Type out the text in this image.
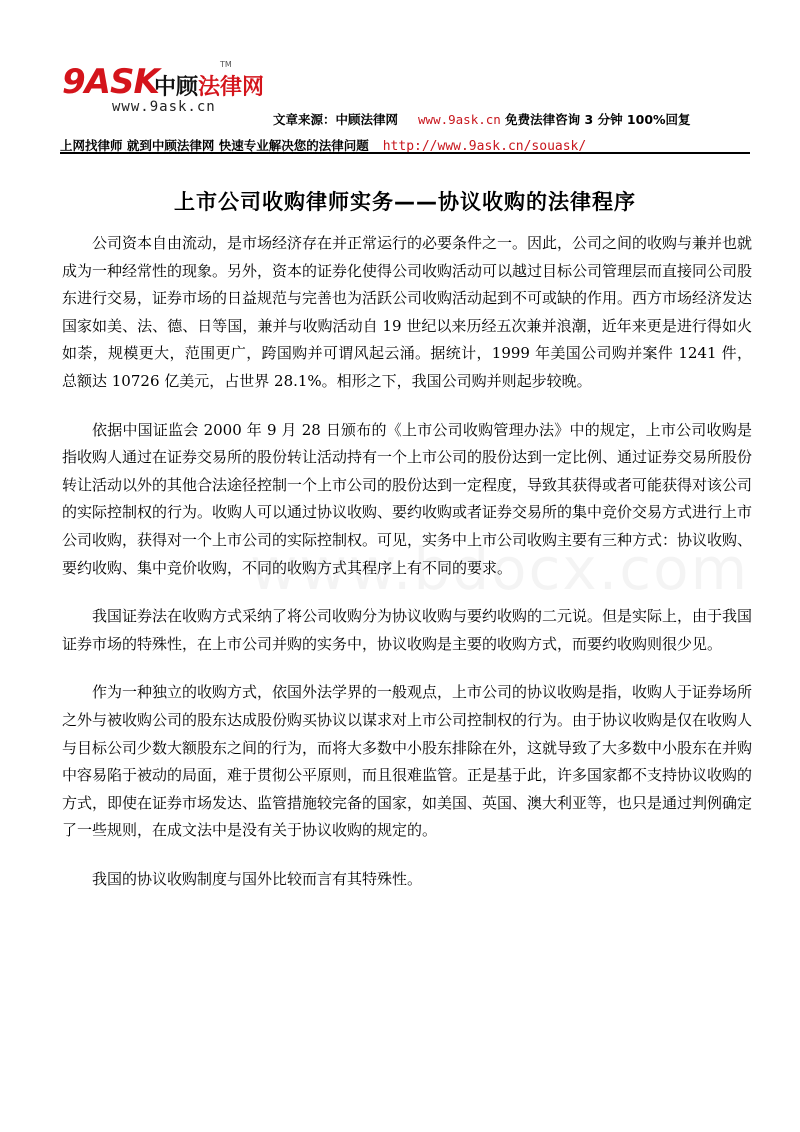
9ASK
中顾法律网
TM
www.9ask.cn
文章来源：中顾法律网 www.9ask.cn 免费法律咨询 3 分钟 100%回复
上网找律师 就到中顾法律网 快速专业解决您的法律问题 http://www.9ask.cn/souask/
上市公司收购律师实务——协议收购的法律程序

公司资本自由流动，是市场经济存在并正常运行的必要条件之一。因此，公司之间的收购与兼并也就成为一种经常性的现象。另外，资本的证券化使得公司收购活动可以越过目标公司管理层而直接同公司股东进行交易，证券市场的日益规范与完善也为活跃公司收购活动起到不可或缺的作用。西方市场经济发达国家如美、法、德、日等国，兼并与收购活动自 19 世纪以来历经五次兼并浪潮，近年来更是进行得如火如荼，规模更大，范围更广，跨国购并可谓风起云涌。据统计，1999 年美国公司购并案件 1241 件，总额达 10726 亿美元，占世界 28.1%。相形之下，我国公司购并则起步较晚。

依据中国证监会 2000 年 9 月 28 日颁布的《上市公司收购管理办法》中的规定，上市公司收购是指收购人通过在证券交易所的股份转让活动持有一个上市公司的股份达到一定比例、通过证券交易所股份转让活动以外的其他合法途径控制一个上市公司的股份达到一定程度，导致其获得或者可能获得对该公司的实际控制权的行为。收购人可以通过协议收购、要约收购或者证券交易所的集中竞价交易方式进行上市公司收购，获得对一个上市公司的实际控制权。可见，实务中上市公司收购主要有三种方式：协议收购、要约收购、集中竞价收购，不同的收购方式其程序上有不同的要求。

我国证券法在收购方式采纳了将公司收购分为协议收购与要约收购的二元说。但是实际上，由于我国证券市场的特殊性，在上市公司并购的实务中，协议收购是主要的收购方式，而要约收购则很少见。

作为一种独立的收购方式，依国外法学界的一般观点，上市公司的协议收购是指，收购人于证券场所之外与被收购公司的股东达成股份购买协议以谋求对上市公司控制权的行为。由于协议收购是仅在收购人与目标公司少数大额股东之间的行为，而将大多数中小股东排除在外，这就导致了大多数中小股东在并购中容易陷于被动的局面，难于贯彻公平原则，而且很难监管。正是基于此，许多国家都不支持协议收购的方式，即使在证券市场发达、监管措施较完备的国家，如美国、英国、澳大利亚等，也只是通过判例确定了一些规则，在成文法中是没有关于协议收购的规定的。

我国的协议收购制度与国外比较而言有其特殊性。
